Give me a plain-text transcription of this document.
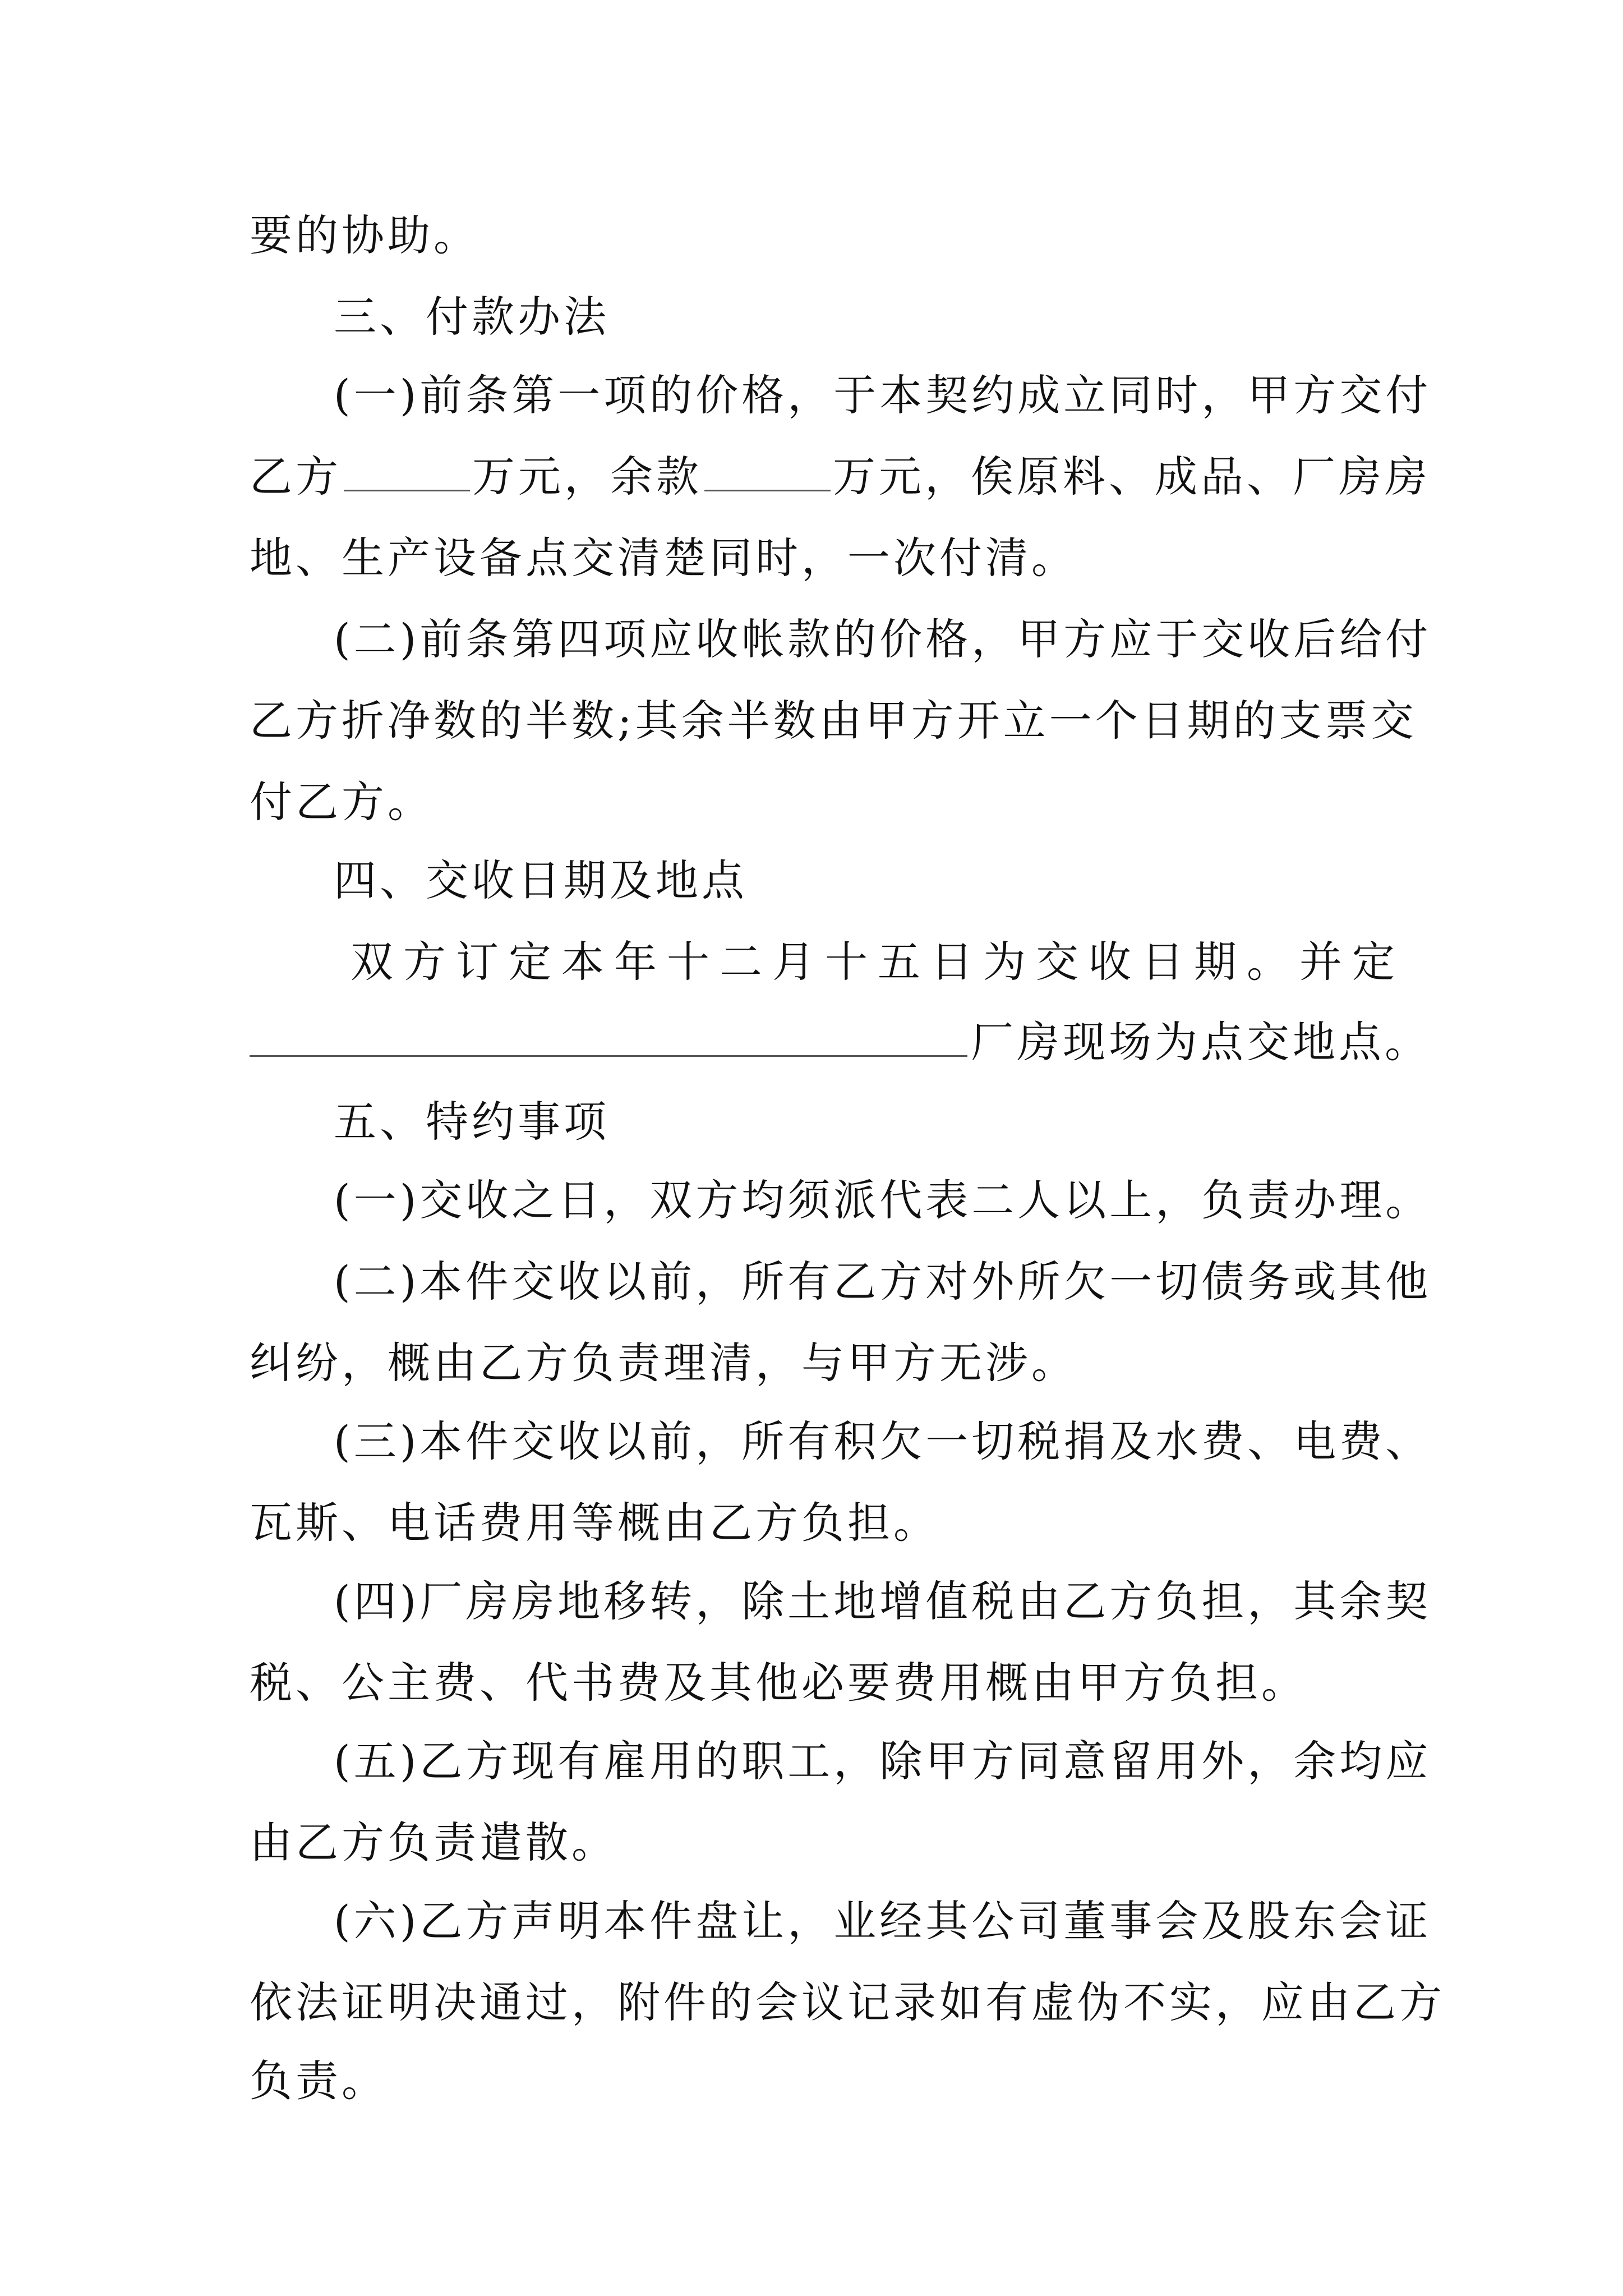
要的协助。
三、付款办法
(一)前条第一项的价格，于本契约成立同时，甲方交付
乙方	万元，余款	万元，俟原料、成品、厂房房
地、生产设备点交清楚同时，一次付清。
(二)前条第四项应收帐款的价格，甲方应于交收后给付
乙方折净数的半数;其余半数由甲方开立一个日期的支票交
付乙方。
四、交收日期及地点
双方订定本年十二月十五日为交收日期。并定
厂房现场为点交地点。
五、特约事项
(一)交收之日，双方均须派代表二人以上，负责办理。
(二)本件交收以前，所有乙方对外所欠一切债务或其他
纠纷，概由乙方负责理清，与甲方无涉。
(三)本件交收以前，所有积欠一切税捐及水费、电费、
瓦斯、电话费用等概由乙方负担。
(四)厂房房地移转，除土地增值税由乙方负担，其余契
税、公主费、代书费及其他必要费用概由甲方负担。
(五)乙方现有雇用的职工，除甲方同意留用外，余均应
由乙方负责遣散。
(六)乙方声明本件盘让，业经其公司董事会及股东会证
依法证明决通过，附件的会议记录如有虚伪不实，应由乙方
负责。
